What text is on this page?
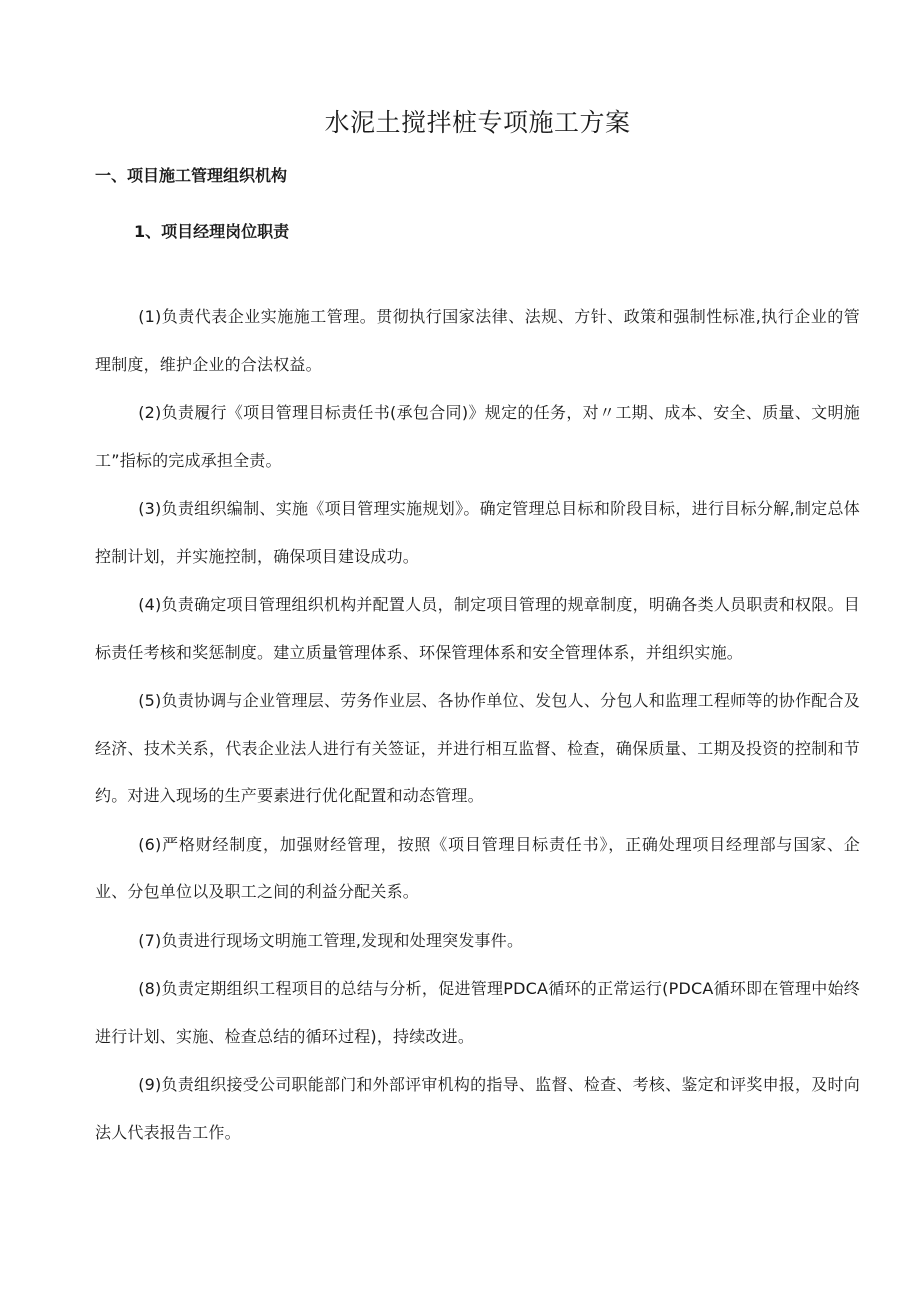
水泥土搅拌桩专项施工方案
一、项目施工管理组织机构
1、项目经理岗位职责

(1)负责代表企业实施施工管理。贯彻执行国家法律、法规、方针、政策和强制性标准,执行企业的管理制度，维护企业的合法权益。

(2)负责履行《项目管理目标责任书(承包合同)》规定的任务，对〃工期、成本、安全、质量、文明施工”指标的完成承担全责。

(3)负责组织编制、实施《项目管理实施规划》。确定管理总目标和阶段目标，进行目标分解,制定总体控制计划，并实施控制，确保项目建设成功。

(4)负责确定项目管理组织机构并配置人员，制定项目管理的规章制度，明确各类人员职责和权限。目标责任考核和奖惩制度。建立质量管理体系、环保管理体系和安全管理体系，并组织实施。

(5)负责协调与企业管理层、劳务作业层、各协作单位、发包人、分包人和监理工程师等的协作配合及经济、技术关系，代表企业法人进行有关签证，并进行相互监督、检查，确保质量、工期及投资的控制和节约。对进入现场的生产要素进行优化配置和动态管理。

(6)严格财经制度，加强财经管理，按照《项目管理目标责任书》，正确处理项目经理部与国家、企业、分包单位以及职工之间的利益分配关系。

(7)负责进行现场文明施工管理,发现和处理突发事件。

(8)负责定期组织工程项目的总结与分析，促进管理PDCA循环的正常运行(PDCA循环即在管理中始终进行计划、实施、检查总结的循环过程)，持续改进。

(9)负责组织接受公司职能部门和外部评审机构的指导、监督、检查、考核、鉴定和评奖申报，及时向法人代表报告工作。
